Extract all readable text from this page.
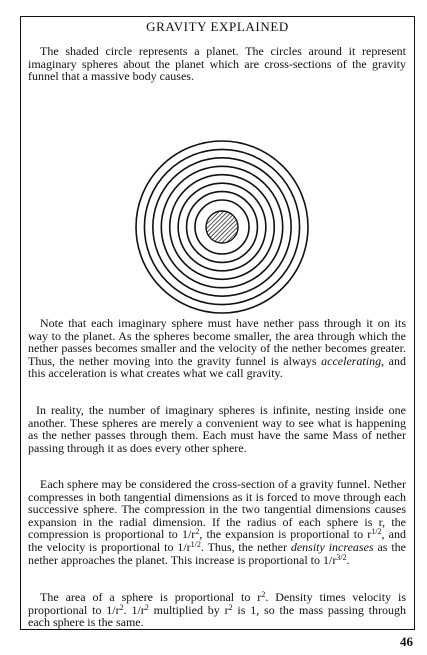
GRAVITY EXPLAINED

The shaded circle represents a planet. The circles around it represent imaginary spheres about the planet which are cross-sections of the gravity funnel that a massive body causes.

Note that each imaginary sphere must have nether pass through it on its way to the planet. As the spheres become smaller, the area through which the nether passes becomes smaller and the velocity of the nether becomes greater. Thus, the nether moving into the gravity funnel is always accelerating, and this acceleration is what creates what we call gravity.

In reality, the number of imaginary spheres is infinite, nesting inside one another. These spheres are merely a convenient way to see what is happening as the nether passes through them. Each must have the same Mass of nether passing through it as does every other sphere.

Each sphere may be considered the cross-section of a gravity funnel. Nether compresses in both tangential dimensions as it is forced to move through each successive sphere. The compression in the two tangential dimensions causes expansion in the radial dimension. If the radius of each sphere is r, the compression is proportional to $1/r^2$, the expansion is proportional to $r^{1/2}$, and the velocity is proportional to $1/r^{1/2}$. Thus, the nether density increases as the nether approaches the planet. This increase is proportional to $1/r^{3/2}$.

The area of a sphere is proportional to $r^2$. Density times velocity is proportional to $1/r^2$. $1/r^2$ multiplied by $r^2$ is 1, so the mass passing through each sphere is the same.

46
